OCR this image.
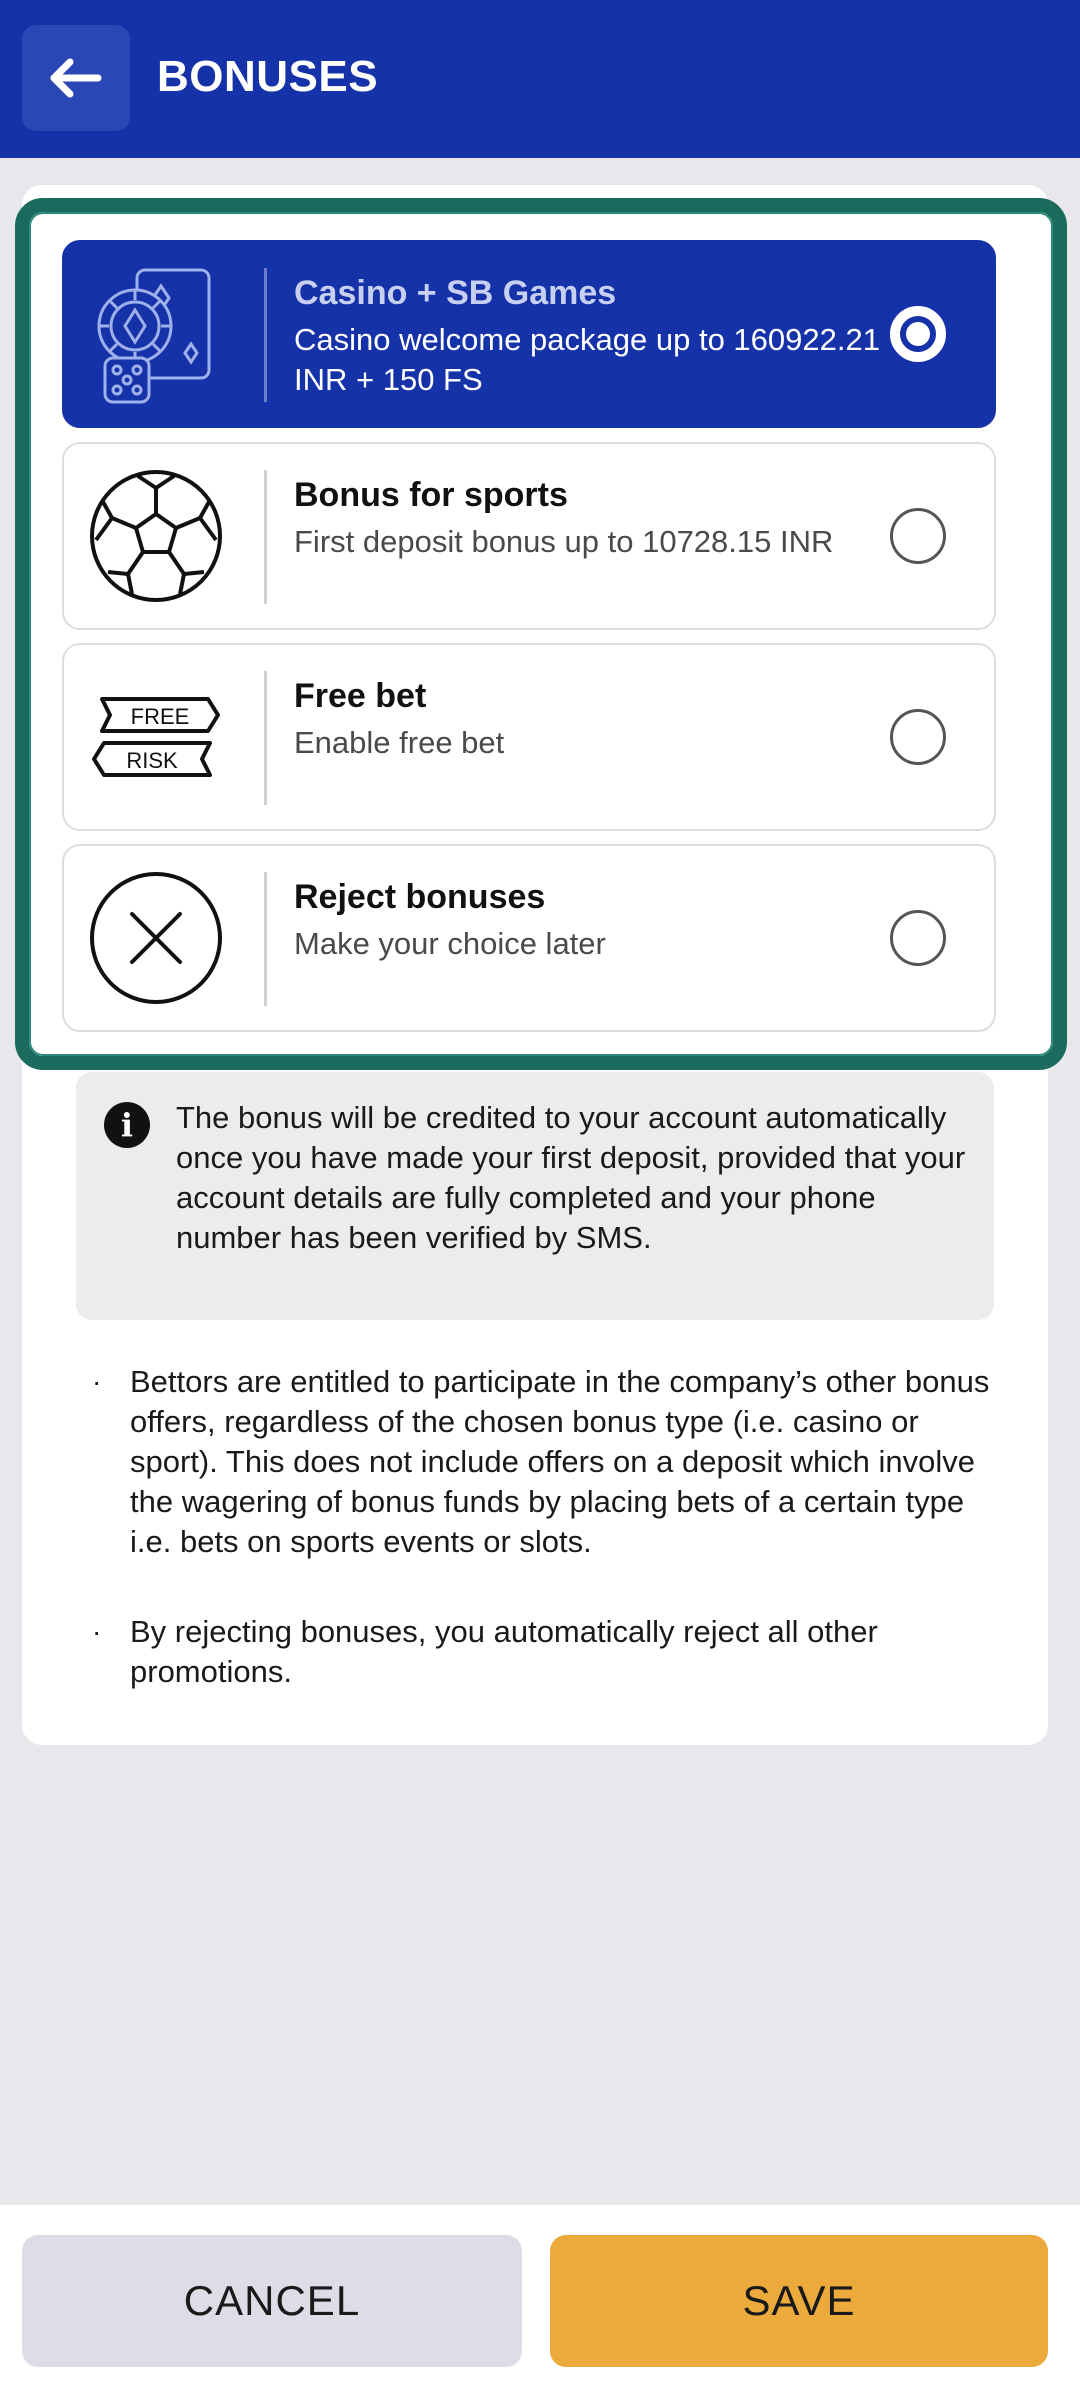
BONUSES
Casino + SB Games
Casino welcome package up to 160922.21 INR + 150 FS
Bonus for sports
First deposit bonus up to 10728.15 INR
FREE
RISK
Free bet
Enable free bet
Reject bonuses
Make your choice later
i	The bonus will be credited to your account automatically once you have made your first deposit, provided that your account details are fully completed and your phone number has been verified by SMS.
· Bettors are entitled to participate in the company’s other bonus offers, regardless of the chosen bonus type (i.e. casino or sport). This does not include offers on a deposit which involve the wagering of bonus funds by placing bets of a certain type i.e. bets on sports events or slots.
· By rejecting bonuses, you automatically reject all other promotions.
CANCEL	SAVE
